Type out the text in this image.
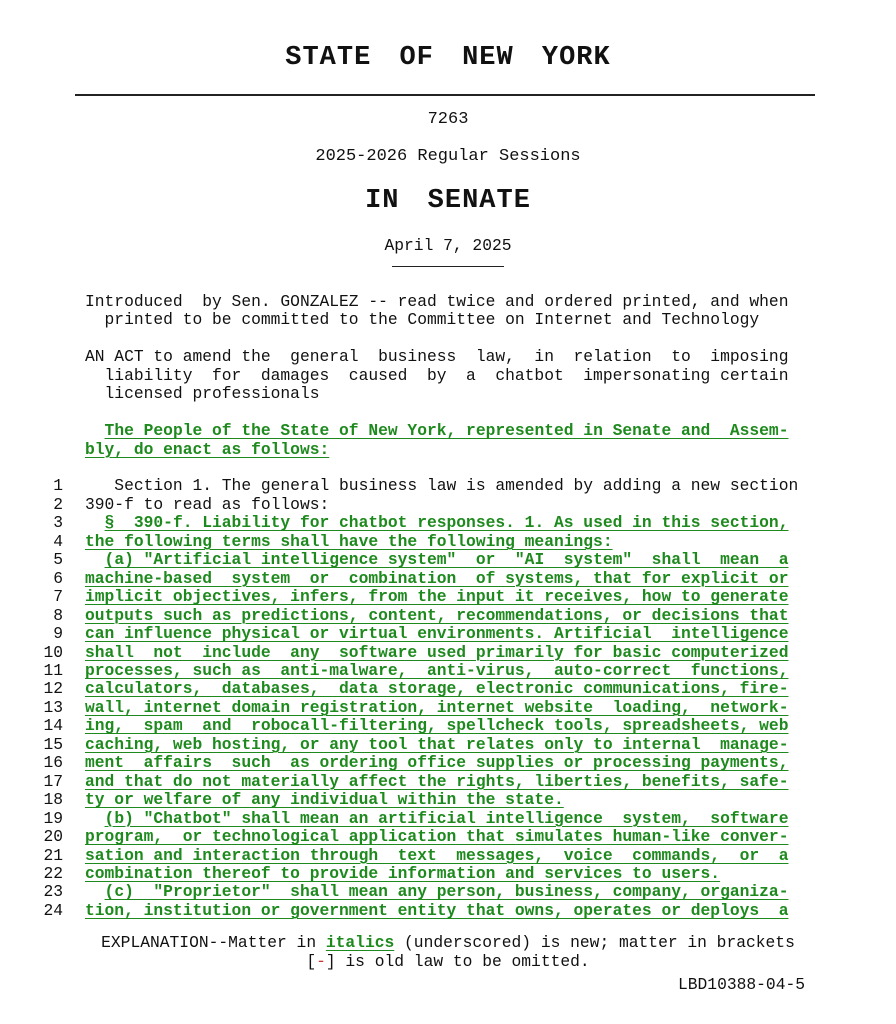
STATE OF NEW YORK
7263
2025-2026 Regular Sessions
IN SENATE
April 7, 2025
Introduced  by Sen. GONZALEZ -- read twice and ordered printed, and when
printed to be committed to the Committee on Internet and Technology
AN ACT to amend the  general  business  law,  in  relation  to  imposing
liability  for  damages  caused  by  a  chatbot  impersonating certain
licensed professionals
The People of the State of New York, represented in Senate and  Assem-
bly, do enact as follows:
1 Section 1. The general business law is amended by adding a new section
2 390-f to read as follows:
3	§  390-f. Liability for chatbot responses. 1. As used in this section,
4 the following terms shall have the following meanings:
5	(a) "Artificial intelligence system"  or  "AI  system"  shall  mean  a
6 machine-based  system  or  combination  of systems, that for explicit or
7 implicit objectives, infers, from the input it receives, how to generate
8 outputs such as predictions, content, recommendations, or decisions that
9 can influence physical or virtual environments. Artificial  intelligence
10 shall  not  include  any  software used primarily for basic computerized
11 processes, such as  anti-malware,  anti-virus,  auto-correct  functions,
12 calculators,  databases,  data storage, electronic communications, fire-
13 wall, internet domain registration, internet website  loading,  network-
14 ing,  spam  and  robocall-filtering, spellcheck tools, spreadsheets, web
15 caching, web hosting, or any tool that relates only to internal  manage-
16 ment  affairs  such  as ordering office supplies or processing payments,
17 and that do not materially affect the rights, liberties, benefits, safe-
18 ty or welfare of any individual within the state.
19	(b) "Chatbot" shall mean an artificial intelligence  system,  software
20 program,  or technological application that simulates human-like conver-
21 sation and interaction through  text  messages,  voice  commands,  or  a
22 combination thereof to provide information and services to users.
23	(c)  "Proprietor"  shall mean any person, business, company, organiza-
24 tion, institution or government entity that owns, operates or deploys  a
EXPLANATION--Matter in italics (underscored) is new; matter in brackets
[-] is old law to be omitted.
LBD10388-04-5
